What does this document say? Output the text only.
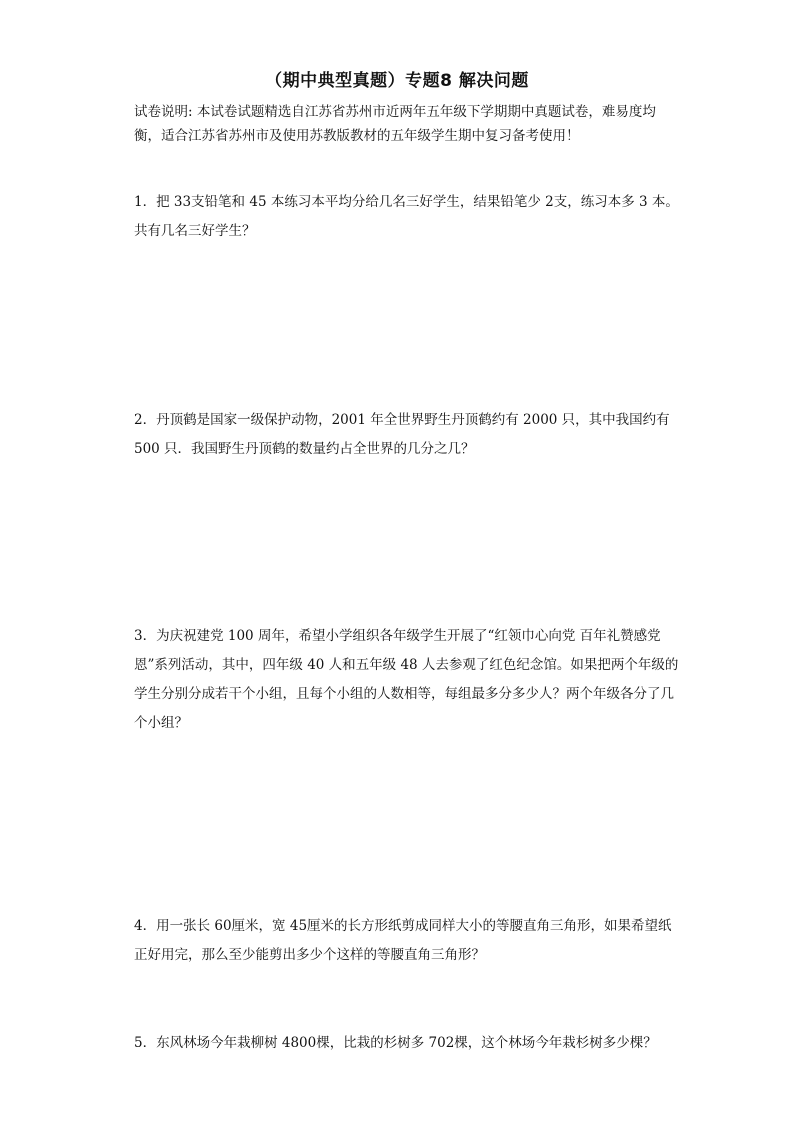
（期中典型真题）专题8 解决问题
试卷说明: 本试卷试题精选自江苏省苏州市近两年五年级下学期期中真题试卷，难易度均衡，适合江苏省苏州市及使用苏教版教材的五年级学生期中复习备考使用！
1．把 33支铅笔和 45 本练习本平均分给几名三好学生，结果铅笔少 2支，练习本多 3 本。共有几名三好学生？
2．丹顶鹤是国家一级保护动物，2001 年全世界野生丹顶鹤约有 2000 只，其中我国约有 500 只．我国野生丹顶鹤的数量约占全世界的几分之几？
3．为庆祝建党 100 周年，希望小学组织各年级学生开展了“红领巾心向党 百年礼赞感党恩”系列活动，其中，四年级 40 人和五年级 48 人去参观了红色纪念馆。如果把两个年级的学生分别分成若干个小组，且每个小组的人数相等，每组最多分多少人？两个年级各分了几个小组？
4．用一张长 60厘米，宽 45厘米的长方形纸剪成同样大小的等腰直角三角形，如果希望纸正好用完，那么至少能剪出多少个这样的等腰直角三角形？
5．东风林场今年栽柳树 4800棵，比栽的杉树多 702棵，这个林场今年栽杉树多少棵？
